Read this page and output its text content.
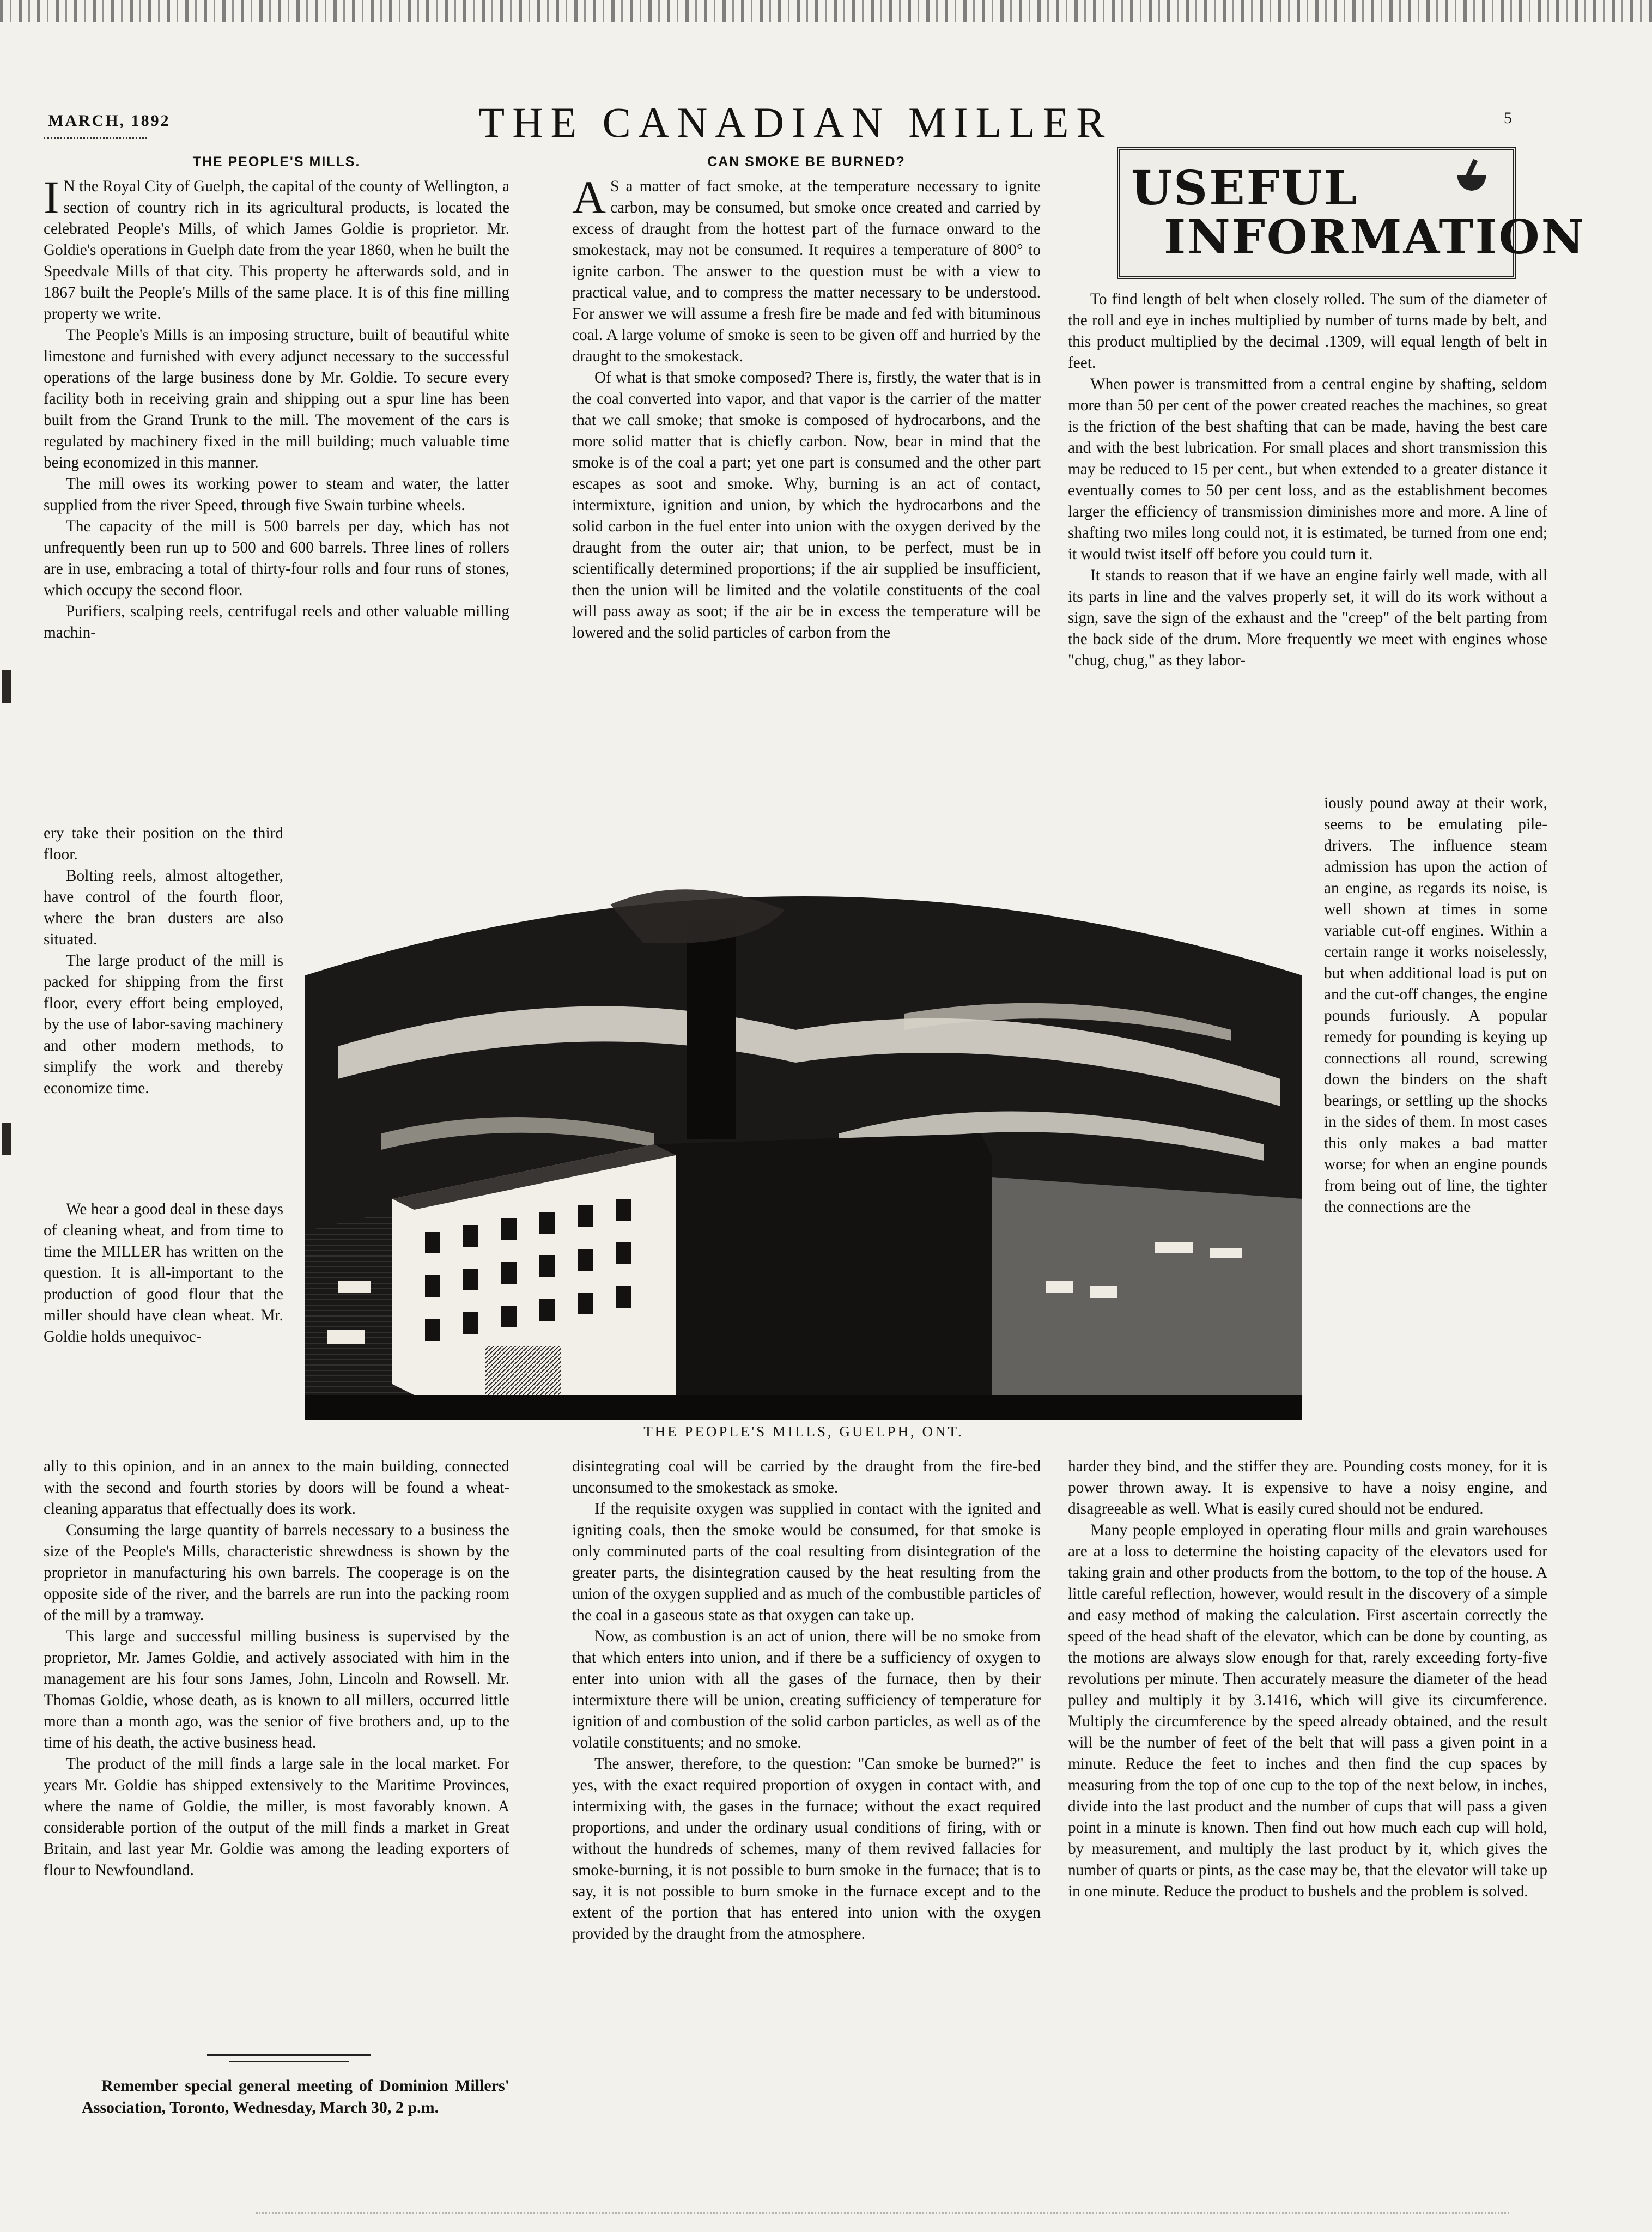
MARCH, 1892	THE CANADIAN MILLER	5
THE PEOPLE'S MILLS.

I N the Royal City of Guelph, the capital of the county of Wellington, a section of country rich in its agricultural products, is located the celebrated People's Mills, of which James Goldie is proprietor. Mr. Goldie's operations in Guelph date from the year 1860, when he built the Speedvale Mills of that city. This property he afterwards sold, and in 1867 built the People's Mills of the same place. It is of this fine milling property we write.

The People's Mills is an imposing structure, built of beautiful white limestone and furnished with every adjunct necessary to the successful operations of the large business done by Mr. Goldie. To secure every facility both in receiving grain and shipping out a spur line has been built from the Grand Trunk to the mill. The movement of the cars is regulated by machinery fixed in the mill building; much valuable time being economized in this manner.

The mill owes its working power to steam and water, the latter supplied from the river Speed, through five Swain turbine wheels.

The capacity of the mill is 500 barrels per day, which has not unfrequently been run up to 500 and 600 barrels. Three lines of rollers are in use, embracing a total of thirty-four rolls and four runs of stones, which occupy the second floor.

Purifiers, scalping reels, centrifugal reels and other valuable milling machin-

ery take their position on the third floor.

Bolting reels, almost altogether, have control of the fourth floor, where the bran dusters are also situated.

The large product of the mill is packed for shipping from the first floor, every effort being employed, by the use of labor-saving machinery and other modern methods, to simplify the work and thereby economize time.

We hear a good deal in these days of cleaning wheat, and from time to time the MILLER has written on the question. It is all-important to the production of good flour that the miller should have clean wheat. Mr. Goldie holds unequivoc-

ally to this opinion, and in an annex to the main building, connected with the second and fourth stories by doors will be found a wheat-cleaning apparatus that effectually does its work.

Consuming the large quantity of barrels necessary to a business the size of the People's Mills, characteristic shrewdness is shown by the proprietor in manufacturing his own barrels. The cooperage is on the opposite side of the river, and the barrels are run into the packing room of the mill by a tramway.

This large and successful milling business is supervised by the proprietor, Mr. James Goldie, and actively associated with him in the management are his four sons James, John, Lincoln and Rowsell. Mr. Thomas Goldie, whose death, as is known to all millers, occurred little more than a month ago, was the senior of five brothers and, up to the time of his death, the active business head.

The product of the mill finds a large sale in the local market. For years Mr. Goldie has shipped extensively to the Maritime Provinces, where the name of Goldie, the miller, is most favorably known. A considerable portion of the output of the mill finds a market in Great Britain, and last year Mr. Goldie was among the leading exporters of flour to Newfoundland.

Remember special general meeting of Dominion Millers' Association, Toronto, Wednesday, March 30, 2 p.m.
CAN SMOKE BE BURNED?

A S a matter of fact smoke, at the temperature necessary to ignite carbon, may be consumed, but smoke once created and carried by excess of draught from the hottest part of the furnace onward to the smokestack, may not be consumed. It requires a temperature of 800° to ignite carbon. The answer to the question must be with a view to practical value, and to compress the matter necessary to be understood. For answer we will assume a fresh fire be made and fed with bituminous coal. A large volume of smoke is seen to be given off and hurried by the draught to the smokestack.

Of what is that smoke composed? There is, firstly, the water that is in the coal converted into vapor, and that vapor is the carrier of the matter that we call smoke; that smoke is composed of hydrocarbons, and the more solid matter that is chiefly carbon. Now, bear in mind that the smoke is of the coal a part; yet one part is consumed and the other part escapes as soot and smoke. Why, burning is an act of contact, intermixture, ignition and union, by which the hydrocarbons and the solid carbon in the fuel enter into union with the oxygen derived by the draught from the outer air; that union, to be perfect, must be in scientifically determined proportions; if the air supplied be insufficient, then the union will be limited and the volatile constituents of the coal will pass away as soot; if the air be in excess the temperature will be lowered and the solid particles of carbon from the

disintegrating coal will be carried by the draught from the fire-bed unconsumed to the smokestack as smoke.

If the requisite oxygen was supplied in contact with the ignited and igniting coals, then the smoke would be consumed, for that smoke is only comminuted parts of the coal resulting from disintegration of the greater parts, the disintegration caused by the heat resulting from the union of the oxygen supplied and as much of the combustible particles of the coal in a gaseous state as that oxygen can take up.

Now, as combustion is an act of union, there will be no smoke from that which enters into union, and if there be a sufficiency of oxygen to enter into union with all the gases of the furnace, then by their intermixture there will be union, creating sufficiency of temperature for ignition of and combustion of the solid carbon particles, as well as of the volatile constituents; and no smoke.

The answer, therefore, to the question: "Can smoke be burned?" is yes, with the exact required proportion of oxygen in contact with, and intermixing with, the gases in the furnace; without the exact required proportions, and under the ordinary usual conditions of firing, with or without the hundreds of schemes, many of them revived fallacies for smoke-burning, it is not possible to burn smoke in the furnace; that is to say, it is not possible to burn smoke in the furnace except and to the extent of the portion that has entered into union with the oxygen provided by the draught from the atmosphere.

USEFUL
INFORMATION

To find length of belt when closely rolled. The sum of the diameter of the roll and eye in inches multiplied by number of turns made by belt, and this product multiplied by the decimal .1309, will equal length of belt in feet.

When power is transmitted from a central engine by shafting, seldom more than 50 per cent of the power created reaches the machines, so great is the friction of the best shafting that can be made, having the best care and with the best lubrication. For small places and short transmission this may be reduced to 15 per cent., but when extended to a greater distance it eventually comes to 50 per cent loss, and as the establishment becomes larger the efficiency of transmission diminishes more and more. A line of shafting two miles long could not, it is estimated, be turned from one end; it would twist itself off before you could turn it.

It stands to reason that if we have an engine fairly well made, with all its parts in line and the valves properly set, it will do its work without a sign, save the sign of the exhaust and the "creep" of the belt parting from the back side of the drum. More frequently we meet with engines whose "chug, chug," as they labor-

iously pound away at their work, seems to be emulating pile-drivers. The influence steam admission has upon the action of an engine, as regards its noise, is well shown at times in some variable cut-off engines. Within a certain range it works noiselessly, but when additional load is put on and the cut-off changes, the engine pounds furiously. A popular remedy for pounding is keying up connections all round, screwing down the binders on the shaft bearings, or settling up the shocks in the sides of them. In most cases this only makes a bad matter worse; for when an engine pounds from being out of line, the tighter the connections are the

harder they bind, and the stiffer they are. Pounding costs money, for it is power thrown away. It is expensive to have a noisy engine, and disagreeable as well. What is easily cured should not be endured.

Many people employed in operating flour mills and grain warehouses are at a loss to determine the hoisting capacity of the elevators used for taking grain and other products from the bottom, to the top of the house. A little careful reflection, however, would result in the discovery of a simple and easy method of making the calculation. First ascertain correctly the speed of the head shaft of the elevator, which can be done by counting, as the motions are always slow enough for that, rarely exceeding forty-five revolutions per minute. Then accurately measure the diameter of the head pulley and multiply it by 3.1416, which will give its circumference. Multiply the circumference by the speed already obtained, and the result will be the number of feet of the belt that will pass a given point in a minute. Reduce the feet to inches and then find the cup spaces by measuring from the top of one cup to the top of the next below, in inches, divide into the last product and the number of cups that will pass a given point in a minute is known. Then find out how much each cup will hold, by measurement, and multiply the last product by it, which gives the number of quarts or pints, as the case may be, that the elevator will take up in one minute. Reduce the product to bushels and the problem is solved.

THE PEOPLE'S MILLS, GUELPH, ONT.
